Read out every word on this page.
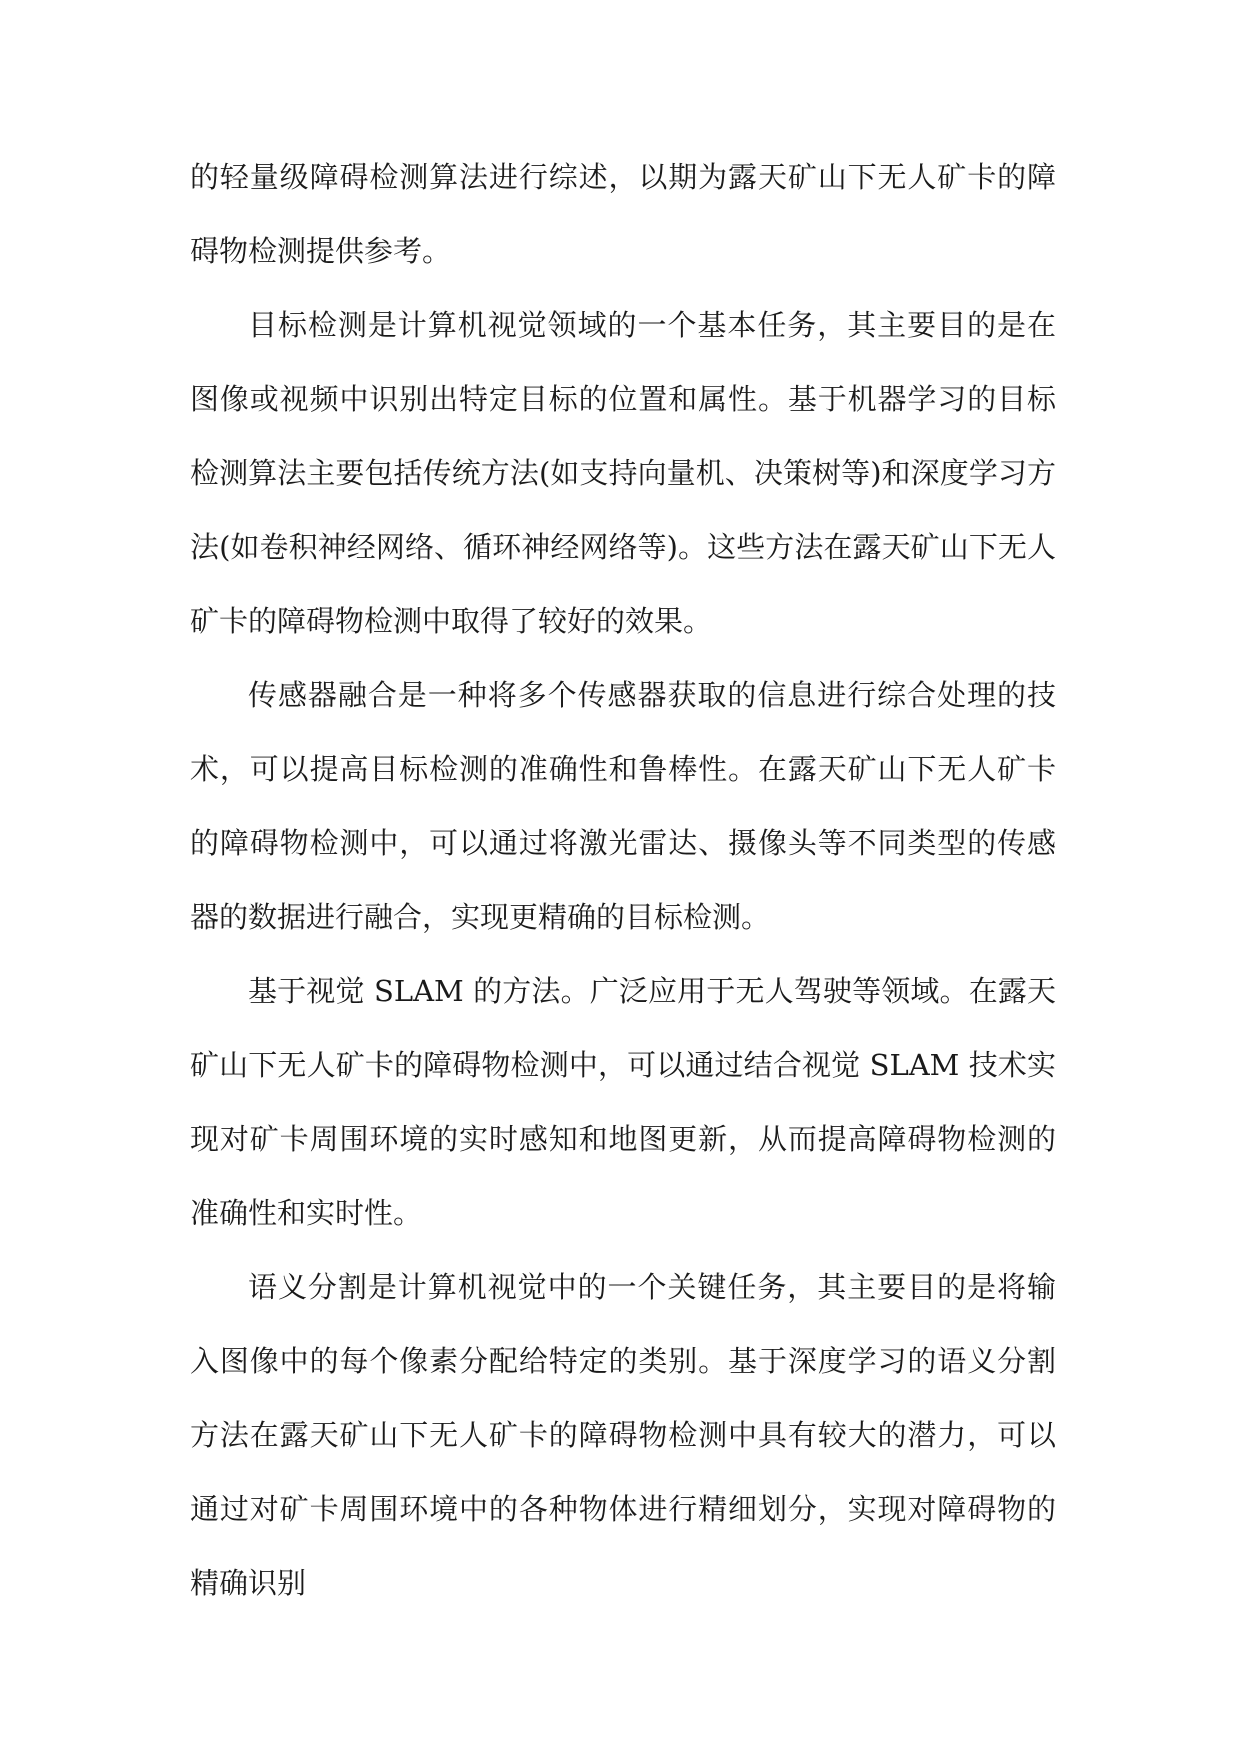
的轻量级障碍检测算法进行综述，以期为露天矿山下无人矿卡的障碍物检测提供参考。

目标检测是计算机视觉领域的一个基本任务，其主要目的是在图像或视频中识别出特定目标的位置和属性。基于机器学习的目标检测算法主要包括传统方法(如支持向量机、决策树等)和深度学习方法(如卷积神经网络、循环神经网络等)。这些方法在露天矿山下无人矿卡的障碍物检测中取得了较好的效果。

传感器融合是一种将多个传感器获取的信息进行综合处理的技术，可以提高目标检测的准确性和鲁棒性。在露天矿山下无人矿卡的障碍物检测中，可以通过将激光雷达、摄像头等不同类型的传感器的数据进行融合，实现更精确的目标检测。

基于视觉 SLAM 的方法。广泛应用于无人驾驶等领域。在露天矿山下无人矿卡的障碍物检测中，可以通过结合视觉 SLAM 技术实现对矿卡周围环境的实时感知和地图更新，从而提高障碍物检测的准确性和实时性。

语义分割是计算机视觉中的一个关键任务，其主要目的是将输入图像中的每个像素分配给特定的类别。基于深度学习的语义分割方法在露天矿山下无人矿卡的障碍物检测中具有较大的潜力，可以通过对矿卡周围环境中的各种物体进行精细划分，实现对障碍物的精确识别
